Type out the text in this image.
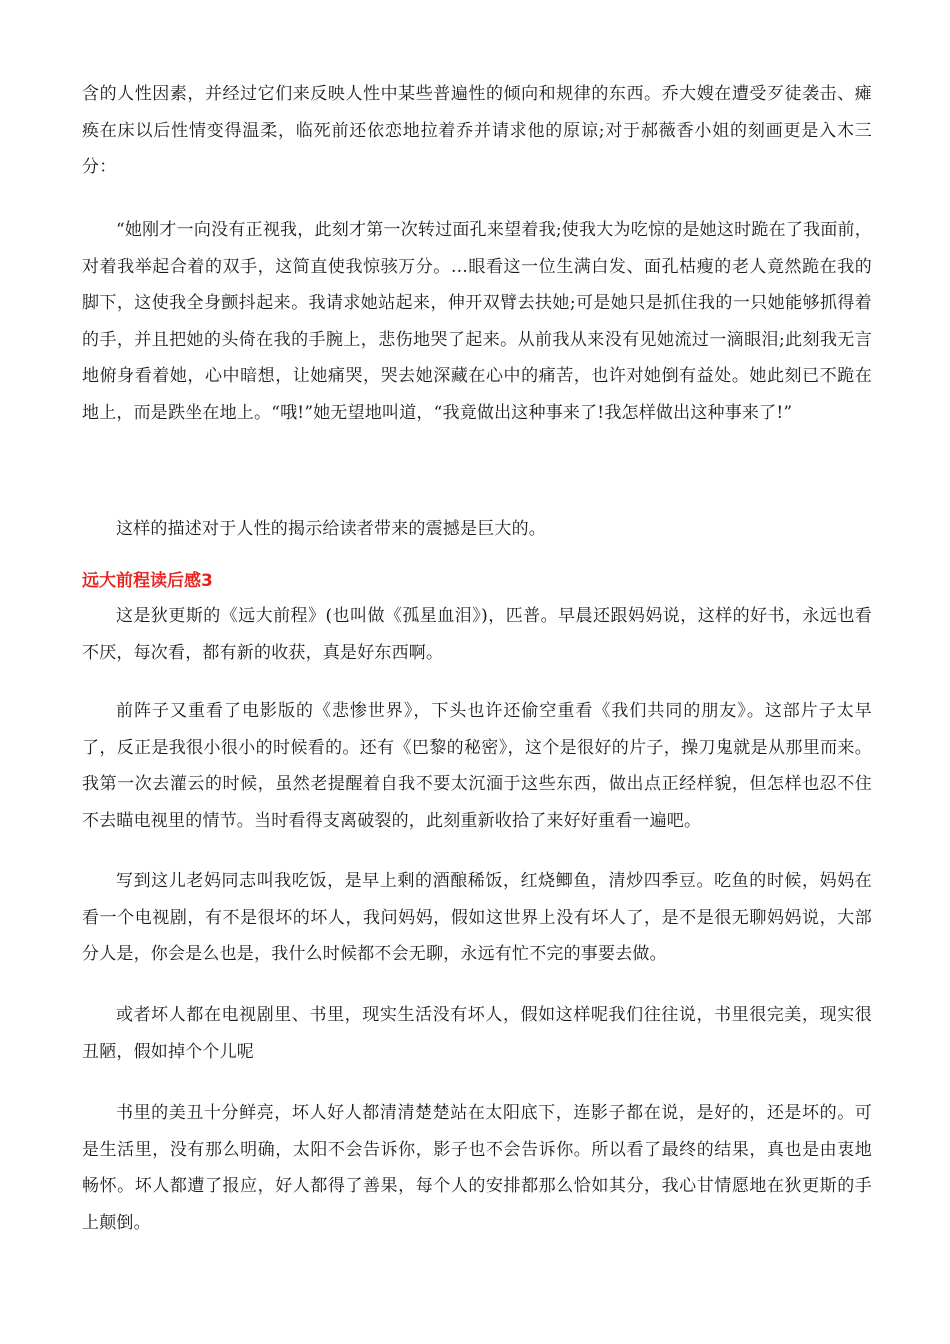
含的人性因素，并经过它们来反映人性中某些普遍性的倾向和规律的东西。乔大嫂在遭受歹徒袭击、瘫痪在床以后性情变得温柔，临死前还依恋地拉着乔并请求他的原谅;对于郝薇香小姐的刻画更是入木三分：

“她刚才一向没有正视我，此刻才第一次转过面孔来望着我;使我大为吃惊的是她这时跪在了我面前，对着我举起合着的双手，这简直使我惊骇万分。…眼看这一位生满白发、面孔枯瘦的老人竟然跪在我的脚下，这使我全身颤抖起来。我请求她站起来，伸开双臂去扶她;可是她只是抓住我的一只她能够抓得着的手，并且把她的头倚在我的手腕上，悲伤地哭了起来。从前我从来没有见她流过一滴眼泪;此刻我无言地俯身看着她，心中暗想，让她痛哭，哭去她深藏在心中的痛苦，也许对她倒有益处。她此刻已不跪在地上，而是跌坐在地上。“哦!”她无望地叫道，“我竟做出这种事来了!我怎样做出这种事来了!”

这样的描述对于人性的揭示给读者带来的震撼是巨大的。

远大前程读后感3

这是狄更斯的《远大前程》(也叫做《孤星血泪》)，匹普。早晨还跟妈妈说，这样的好书，永远也看不厌，每次看，都有新的收获，真是好东西啊。

前阵子又重看了电影版的《悲惨世界》，下头也许还偷空重看《我们共同的朋友》。这部片子太早了，反正是我很小很小的时候看的。还有《巴黎的秘密》，这个是很好的片子，操刀鬼就是从那里而来。我第一次去灌云的时候，虽然老提醒着自我不要太沉湎于这些东西，做出点正经样貌，但怎样也忍不住不去瞄电视里的情节。当时看得支离破裂的，此刻重新收拾了来好好重看一遍吧。

写到这儿老妈同志叫我吃饭，是早上剩的酒酿稀饭，红烧鲫鱼，清炒四季豆。吃鱼的时候，妈妈在看一个电视剧，有不是很坏的坏人，我问妈妈，假如这世界上没有坏人了，是不是很无聊妈妈说，大部分人是，你会是么也是，我什么时候都不会无聊，永远有忙不完的事要去做。

或者坏人都在电视剧里、书里，现实生活没有坏人，假如这样呢我们往往说，书里很完美，现实很丑陋，假如掉个个儿呢

书里的美丑十分鲜亮，坏人好人都清清楚楚站在太阳底下，连影子都在说，是好的，还是坏的。可是生活里，没有那么明确，太阳不会告诉你，影子也不会告诉你。所以看了最终的结果，真也是由衷地畅怀。坏人都遭了报应，好人都得了善果，每个人的安排都那么恰如其分，我心甘情愿地在狄更斯的手上颠倒。
